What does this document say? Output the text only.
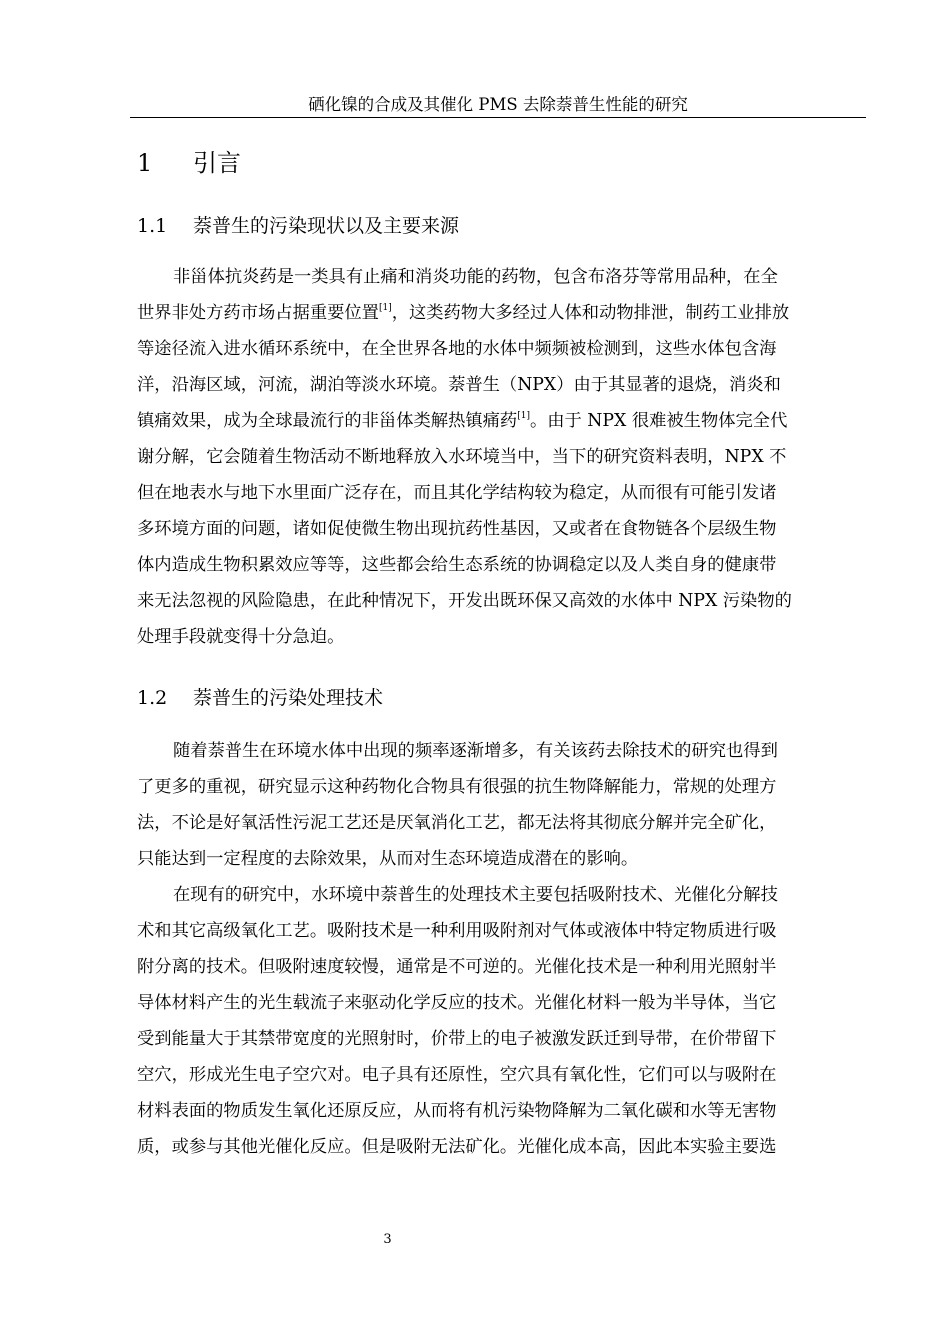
硒化镍的合成及其催化 PMS 去除萘普生性能的研究
1 引言
1.1 萘普生的污染现状以及主要来源
非甾体抗炎药是一类具有止痛和消炎功能的药物，包含布洛芬等常用品种，在全
世界非处方药市场占据重要位置[1]，这类药物大多经过人体和动物排泄，制药工业排放
等途径流入进水循环系统中，在全世界各地的水体中频频被检测到，这些水体包含海
洋，沿海区域，河流，湖泊等淡水环境。萘普生（NPX）由于其显著的退烧，消炎和
镇痛效果，成为全球最流行的非甾体类解热镇痛药[1]。由于 NPX 很难被生物体完全代
谢分解，它会随着生物活动不断地释放入水环境当中，当下的研究资料表明，NPX 不
但在地表水与地下水里面广泛存在，而且其化学结构较为稳定，从而很有可能引发诸
多环境方面的问题，诸如促使微生物出现抗药性基因，又或者在食物链各个层级生物
体内造成生物积累效应等等，这些都会给生态系统的协调稳定以及人类自身的健康带
来无法忽视的风险隐患，在此种情况下，开发出既环保又高效的水体中 NPX 污染物的
处理手段就变得十分急迫。
1.2 萘普生的污染处理技术
随着萘普生在环境水体中出现的频率逐渐增多，有关该药去除技术的研究也得到
了更多的重视，研究显示这种药物化合物具有很强的抗生物降解能力，常规的处理方
法，不论是好氧活性污泥工艺还是厌氧消化工艺，都无法将其彻底分解并完全矿化，
只能达到一定程度的去除效果，从而对生态环境造成潜在的影响。
在现有的研究中，水环境中萘普生的处理技术主要包括吸附技术、光催化分解技
术和其它高级氧化工艺。吸附技术是一种利用吸附剂对气体或液体中特定物质进行吸
附分离的技术。但吸附速度较慢，通常是不可逆的。光催化技术是一种利用光照射半
导体材料产生的光生载流子来驱动化学反应的技术。光催化材料一般为半导体，当它
受到能量大于其禁带宽度的光照射时，价带上的电子被激发跃迁到导带，在价带留下
空穴，形成光生电子空穴对。电子具有还原性，空穴具有氧化性，它们可以与吸附在
材料表面的物质发生氧化还原反应，从而将有机污染物降解为二氧化碳和水等无害物
质，或参与其他光催化反应。但是吸附无法矿化。光催化成本高，因此本实验主要选
3
